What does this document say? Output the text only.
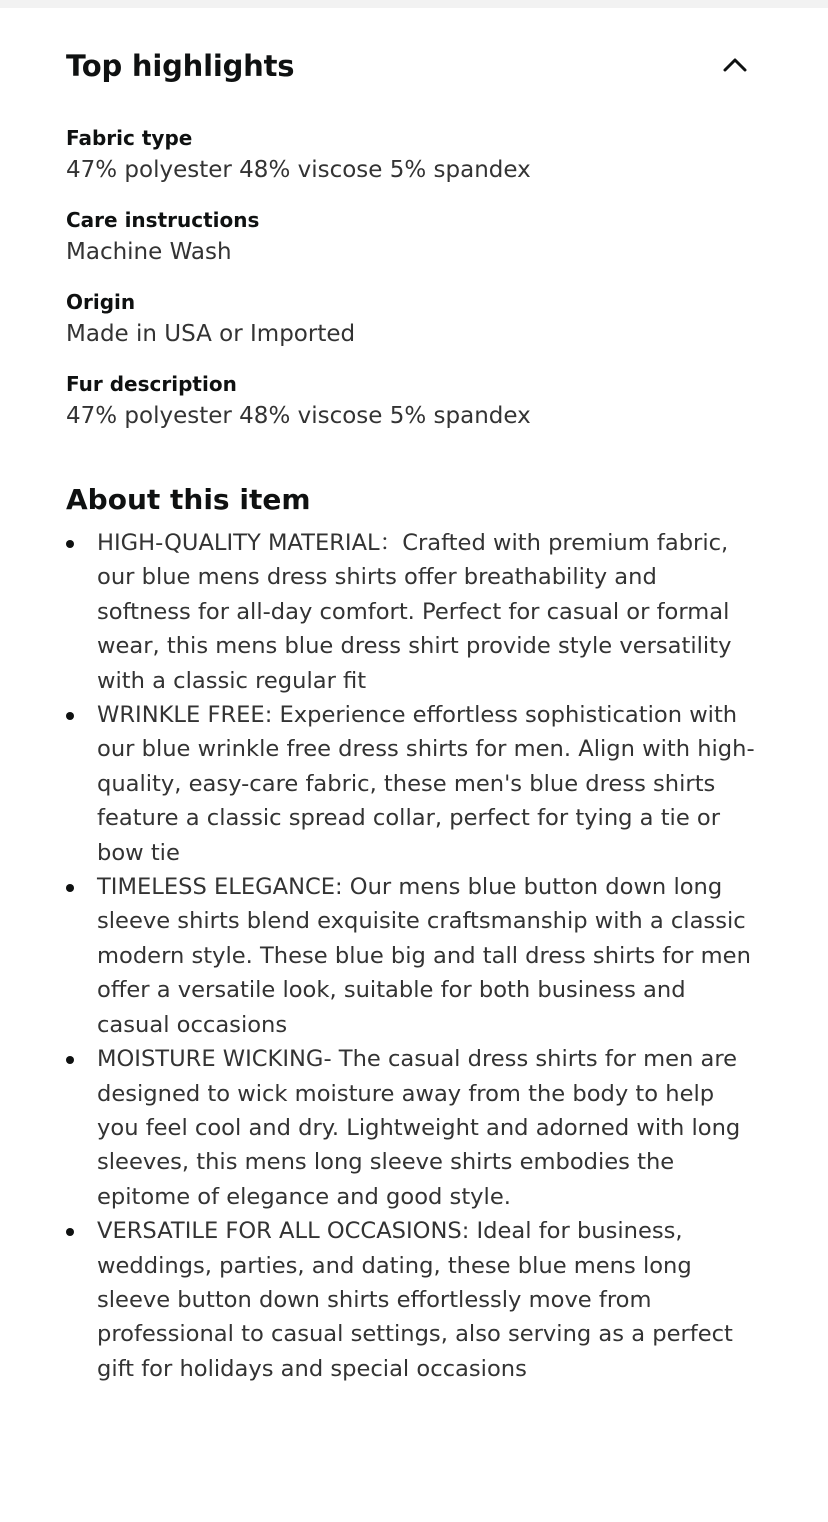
Top highlights
Fabric type
47% polyester 48% viscose 5% spandex
Care instructions
Machine Wash
Origin
Made in USA or Imported
Fur description
47% polyester 48% viscose 5% spandex
About this item
HIGH-QUALITY MATERIAL：Crafted with premium fabric, our blue mens dress shirts offer breathability and softness for all-day comfort. Perfect for casual or formal wear, this mens blue dress shirt provide style versatility with a classic regular fit
WRINKLE FREE: Experience effortless sophistication with our blue wrinkle free dress shirts for men. Align with high-quality, easy-care fabric, these men's blue dress shirts feature a classic spread collar, perfect for tying a tie or bow tie
TIMELESS ELEGANCE: Our mens blue button down long sleeve shirts blend exquisite craftsmanship with a classic modern style. These blue big and tall dress shirts for men offer a versatile look, suitable for both business and casual occasions
MOISTURE WICKING- The casual dress shirts for men are designed to wick moisture away from the body to help you feel cool and dry. Lightweight and adorned with long sleeves, this mens long sleeve shirts embodies the epitome of elegance and good style.
VERSATILE FOR ALL OCCASIONS: Ideal for business, weddings, parties, and dating, these blue mens long sleeve button down shirts effortlessly move from professional to casual settings, also serving as a perfect gift for holidays and special occasions
